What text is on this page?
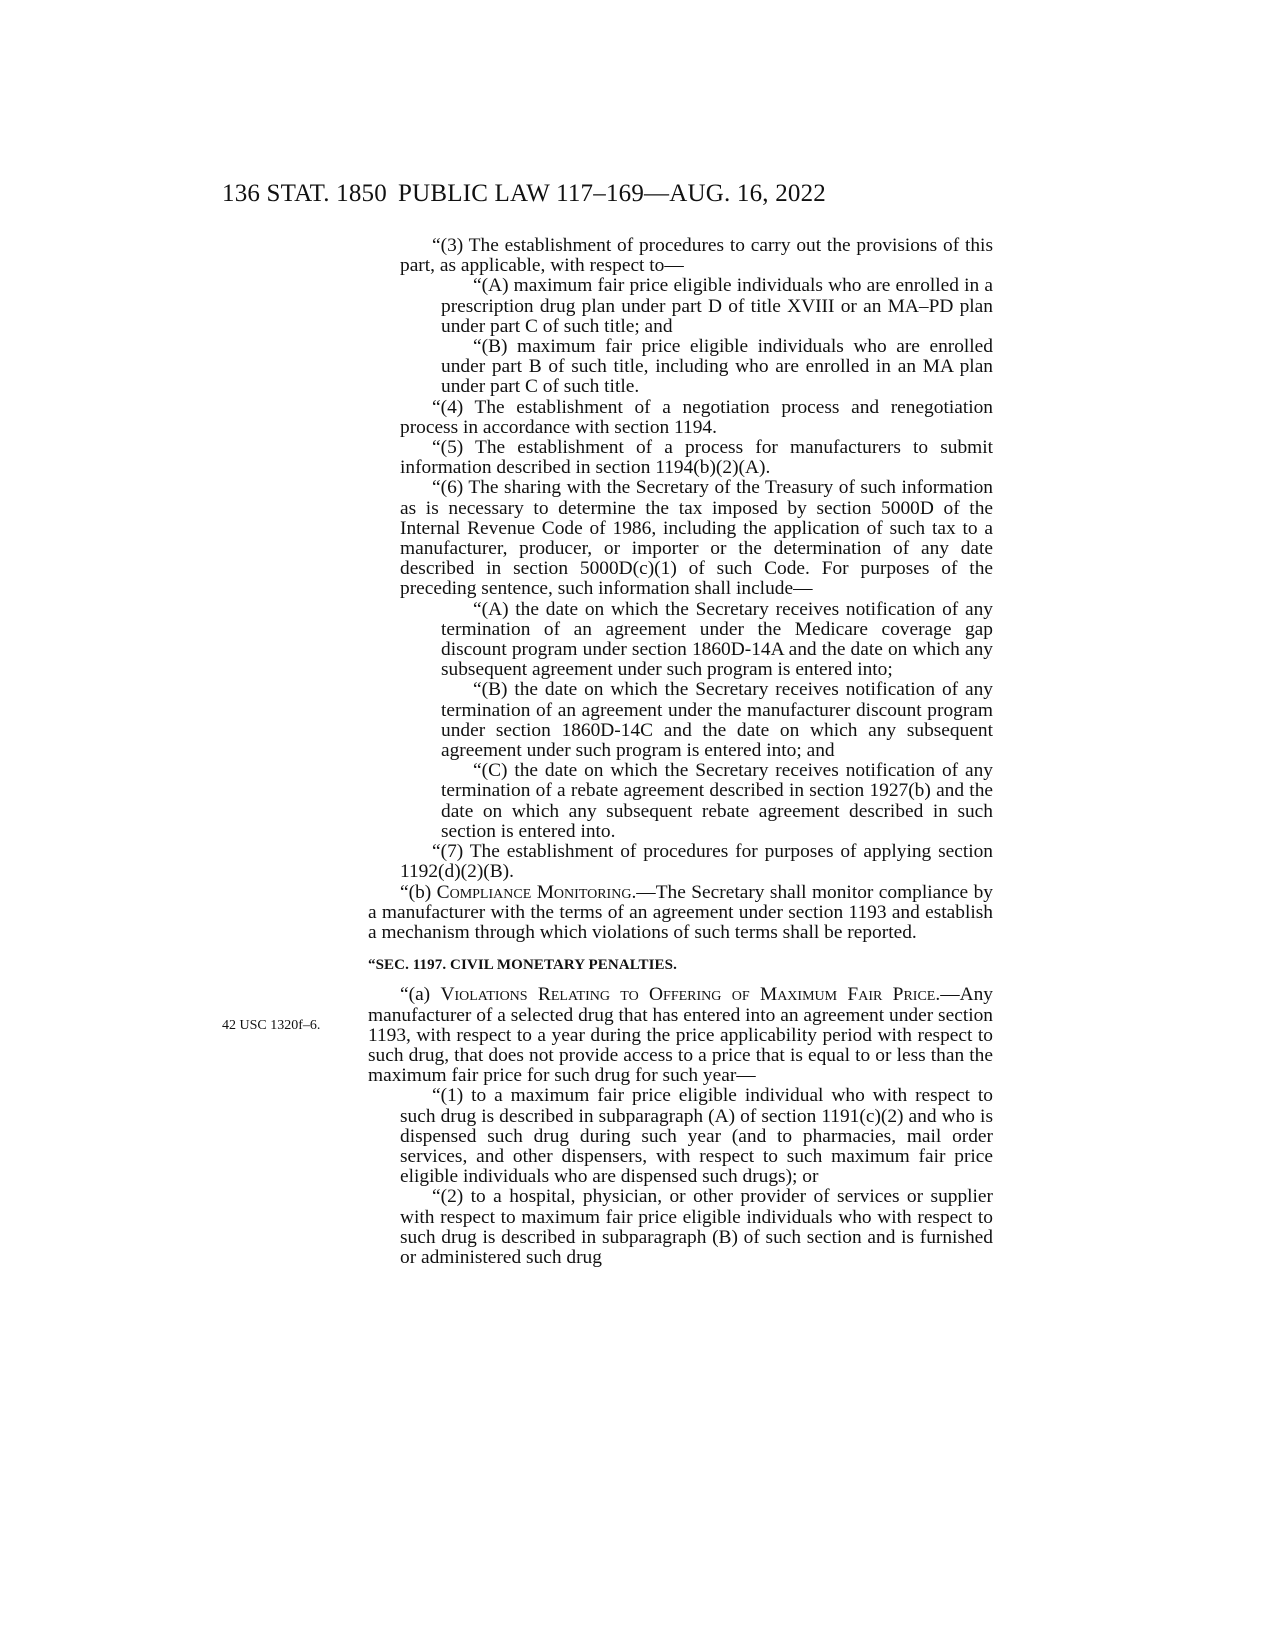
136 STAT. 1850 PUBLIC LAW 117–169—AUG. 16, 2022
42 USC 1320f–6.

“(3) The establishment of procedures to carry out the provisions of this part, as applicable, with respect to—

“(A) maximum fair price eligible individuals who are enrolled in a prescription drug plan under part D of title XVIII or an MA–PD plan under part C of such title; and

“(B) maximum fair price eligible individuals who are enrolled under part B of such title, including who are enrolled in an MA plan under part C of such title.

“(4) The establishment of a negotiation process and renegotiation process in accordance with section 1194.

“(5) The establishment of a process for manufacturers to submit information described in section 1194(b)(2)(A).

“(6) The sharing with the Secretary of the Treasury of such information as is necessary to determine the tax imposed by section 5000D of the Internal Revenue Code of 1986, including the application of such tax to a manufacturer, producer, or importer or the determination of any date described in section 5000D(c)(1) of such Code. For purposes of the preceding sentence, such information shall include—

“(A) the date on which the Secretary receives notification of any termination of an agreement under the Medicare coverage gap discount program under section 1860D-14A and the date on which any subsequent agreement under such program is entered into;

“(B) the date on which the Secretary receives notification of any termination of an agreement under the manufacturer discount program under section 1860D-14C and the date on which any subsequent agreement under such program is entered into; and

“(C) the date on which the Secretary receives notification of any termination of a rebate agreement described in section 1927(b) and the date on which any subsequent rebate agreement described in such section is entered into.

“(7) The establishment of procedures for purposes of applying section 1192(d)(2)(B).

“(b) Compliance Monitoring.—The Secretary shall monitor compliance by a manufacturer with the terms of an agreement under section 1193 and establish a mechanism through which violations of such terms shall be reported.

“SEC. 1197. CIVIL MONETARY PENALTIES.

“(a) Violations Relating to Offering of Maximum Fair Price.—Any manufacturer of a selected drug that has entered into an agreement under section 1193, with respect to a year during the price applicability period with respect to such drug, that does not provide access to a price that is equal to or less than the maximum fair price for such drug for such year—

“(1) to a maximum fair price eligible individual who with respect to such drug is described in subparagraph (A) of section 1191(c)(2) and who is dispensed such drug during such year (and to pharmacies, mail order services, and other dispensers, with respect to such maximum fair price eligible individuals who are dispensed such drugs); or

“(2) to a hospital, physician, or other provider of services or supplier with respect to maximum fair price eligible individuals who with respect to such drug is described in subparagraph (B) of such section and is furnished or administered such drug
